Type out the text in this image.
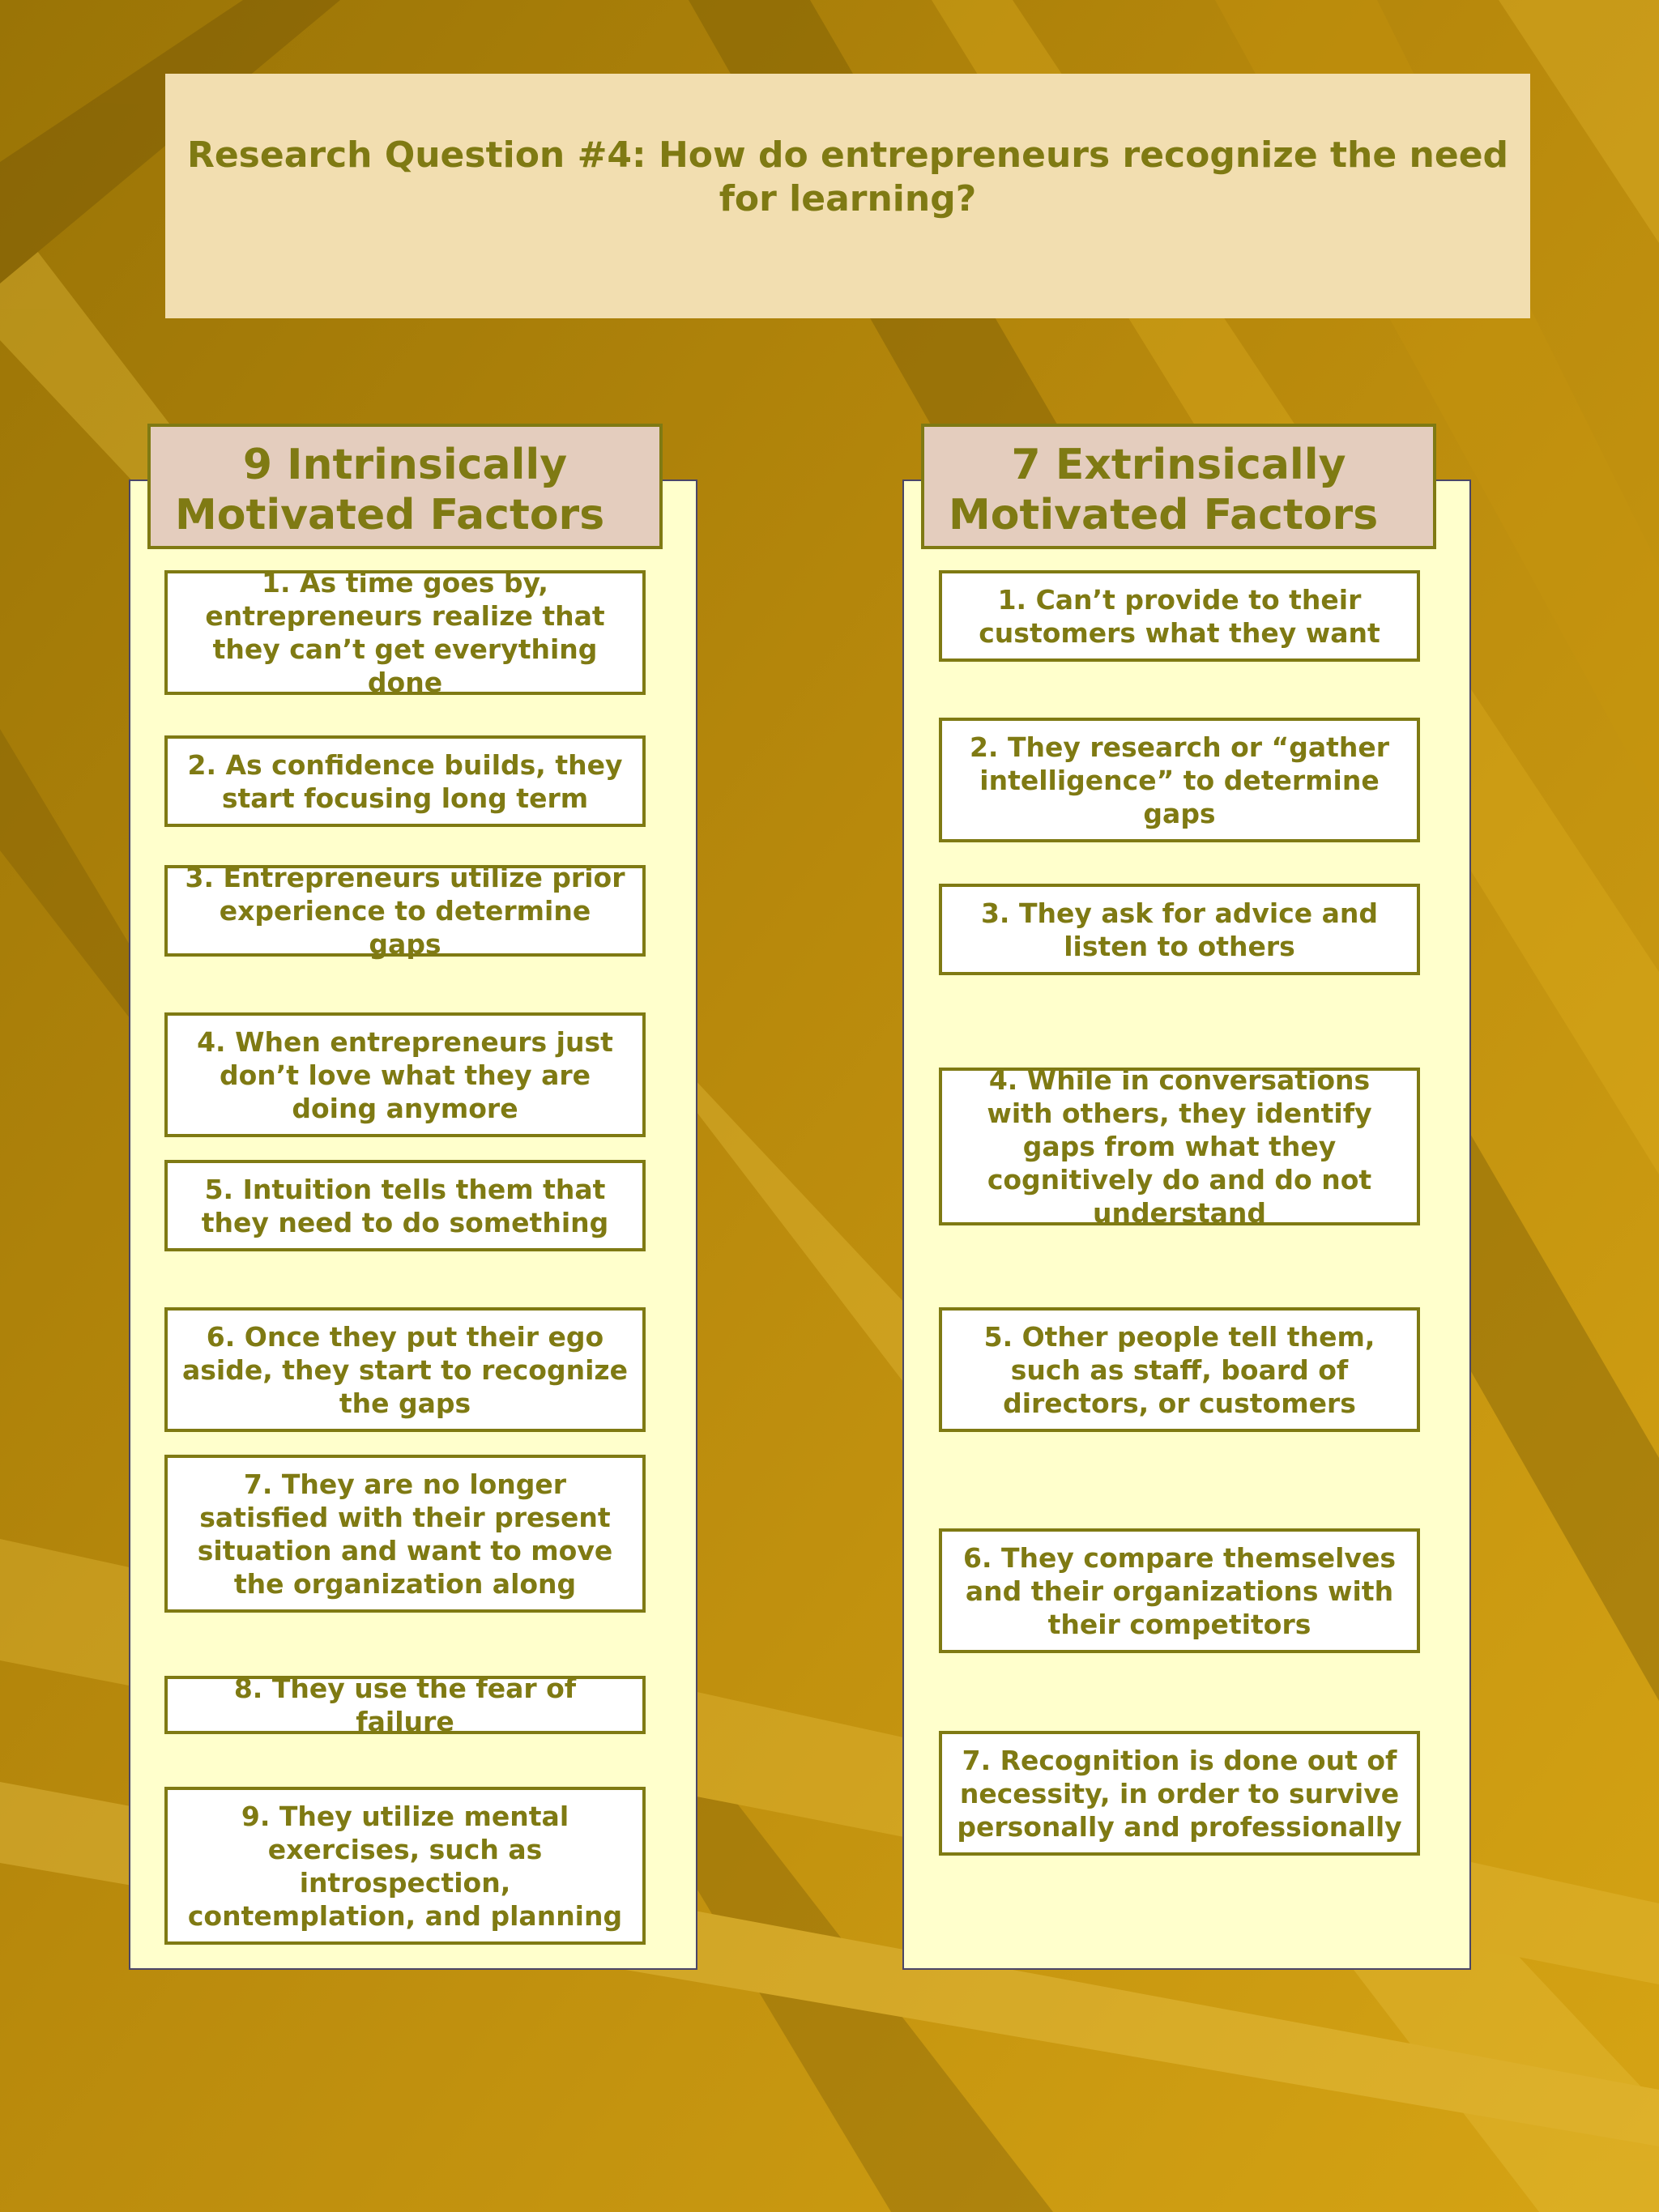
Research Question #4: How do entrepreneurs recognize the need for learning?
9 Intrinsically
Motivated Factors
7 Extrinsically
Motivated Factors
1. As time goes by, entrepreneurs realize that they can’t get everything done
2. As confidence builds, they start focusing long term
3. Entrepreneurs utilize prior experience to determine gaps
4. When entrepreneurs just don’t love what they are doing anymore
5. Intuition tells them that they need to do something
6. Once they put their ego aside, they start to recognize the gaps
7. They are no longer satisfied with their present situation and want to move the organization along
8. They use the fear of failure
9. They utilize mental exercises, such as introspection, contemplation, and planning
1. Can’t provide to their customers what they want
2. They research or “gather intelligence” to determine gaps
3. They ask for advice and listen to others
4. While in conversations with others, they identify gaps from what they cognitively do and do not understand
5. Other people tell them, such as staff, board of directors, or customers
6. They compare themselves and their organizations with their competitors
7. Recognition is done out of necessity, in order to survive personally and professionally
